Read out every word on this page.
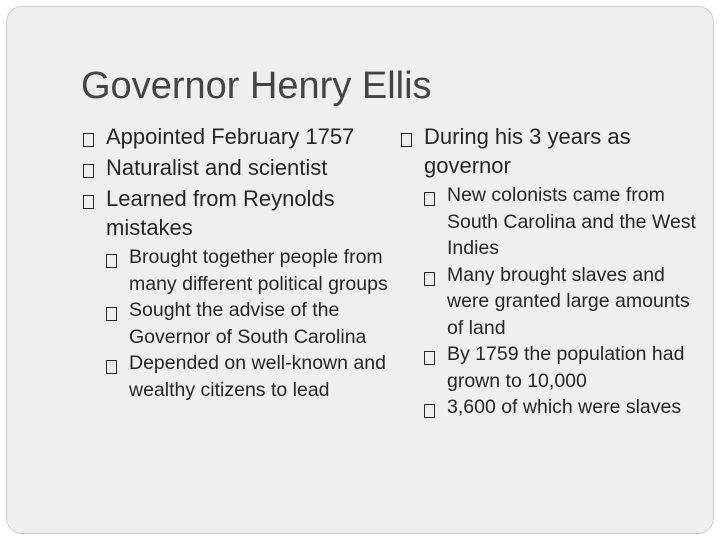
Governor Henry Ellis
Appointed February 1757
Naturalist and scientist
Learned from Reynolds mistakes
Brought together people from many different political groups
Sought the advise of the Governor of South Carolina
Depended on well-known and wealthy citizens to lead
During his 3 years as governor
New colonists came from South Carolina and the West Indies
Many brought slaves and were granted large amounts of land
By 1759 the population had grown to 10,000
3,600 of which were slaves
